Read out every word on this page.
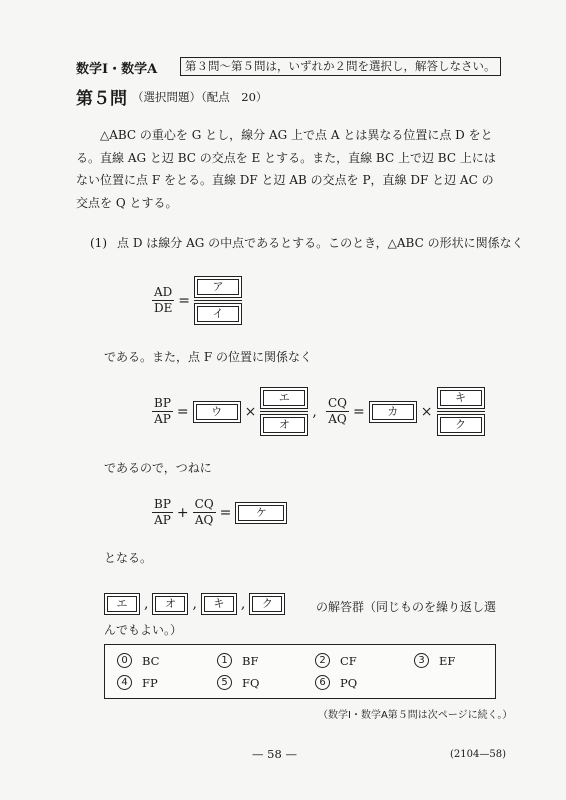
数学Ⅰ・数学A	第３問〜第５問は，いずれか２問を選択し，解答しなさい。
第５問 （選択問題）（配点　20）
△ABC の重心を G とし，線分 AG 上で点 A とは異なる位置に点 D をとる。直線 AG と辺 BC の交点を E とする。また，直線 BC 上で辺 BC 上にはない位置に点 F をとる。直線 DF と辺 AB の交点を P，直線 DF と辺 AC の交点を Q とする。
(1) 点 D は線分 AG の中点であるとする。このとき，△ABC の形状に関係なく
$\frac{AD}{DE}$ =
ア
イ
である。また，点 F の位置に関係なく
$\frac{BP}{AP}$ =	ウ	×
エ
オ
, $\frac{CQ}{AQ}$ =	カ	×
キ
ク
であるので，つねに
$\frac{BP}{AP} + \frac{CQ}{AQ}$ =	ケ
となる。
エ	,	オ	,	キ	,	ク	の解答群（同じものを繰り返し選んでもよい。）
0	BC	1	BF	2	CF	3	EF
4	FP	5	FQ	6	PQ
（数学Ⅰ・数学A第５問は次ページに続く。）
— 58 —	(2104—58)
